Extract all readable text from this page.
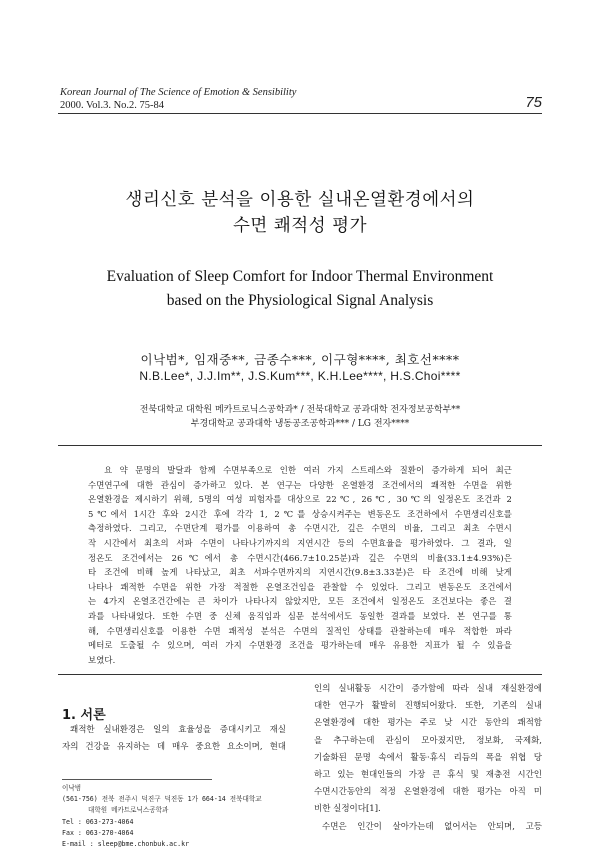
Korean Journal of The Science of Emotion & Sensibility
2000. Vol.3. No.2. 75-84	75
생리신호 분석을 이용한 실내온열환경에서의
수면 쾌적성 평가
Evaluation of Sleep Comfort for Indoor Thermal Environment
based on the Physiological Signal Analysis
이낙범*, 임재중**, 금종수***, 이구형****, 최호선****
N.B.Lee*, J.J.Im**, J.S.Kum***, K.H.Lee****, H.S.Choi****
전북대학교 대학원 메카트로닉스공학과* / 전북대학교 공과대학 전자정보공학부**
부경대학교 공과대학 냉동공조공학과*** / LG 전자****
요 약 문명의 발달과 함께 수면부족으로 인한 여러 가지 스트레스와 질환이 증가하게 되어 최근
수면연구에 대한 관심이 증가하고 있다. 본 연구는 다양한 온열환경 조건에서의 쾌적한 수면을 위한
온열환경을 제시하기 위해, 5명의 여성 피험자를 대상으로 22℃, 26℃, 30℃의 일정온도 조건과 2
5℃에서 1시간 후와 2시간 후에 각각 1, 2℃를 상승시켜주는 변동온도 조건하에서 수면생리신호를
측정하였다. 그리고, 수면단계 평가를 이용하여 총 수면시간, 깊은 수면의 비율, 그리고 최초 수면시
작 시간에서 최초의 서파 수면이 나타나기까지의 지연시간 등의 수면효율을 평가하였다. 그 결과, 일
정온도 조건에서는 26℃에서 총 수면시간(466.7±10.25분)과 깊은 수면의 비율(33.1±4.93%)은
타 조건에 비해 높게 나타났고, 최초 서파수면까지의 지연시간(9.8±3.33분)은 타 조건에 비해 낮게
나타나 쾌적한 수면을 위한 가장 적절한 온열조건임을 관찰할 수 있었다. 그리고 변동온도 조건에서
는 4가지 온열조건간에는 큰 차이가 나타나지 않았지만, 모든 조건에서 일정온도 조건보다는 좋은 결
과를 나타내었다. 또한 수면 중 신체 움직임과 심문 분석에서도 동일한 결과를 보였다. 본 연구를 통
해, 수면생리신호를 이용한 수면 쾌적성 분석은 수면의 질적인 상태를 관찰하는데 매우 적합한 파라
메터로 도출될 수 있으며, 여러 가지 수면환경 조건을 평가하는데 매우 유용한 지표가 될 수 있음을
보였다.
1. 서론
쾌적한 실내환경은 일의 효율성을 증대시키고 재실
자의 건강을 유지하는 데 매우 중요한 요소이며, 현대
인의 실내활동 시간이 증가함에 따라 실내 재실환경에
대한 연구가 활발히 진행되어왔다. 또한, 기존의 실내
온열환경에 대한 평가는 주로 낮 시간 동안의 쾌적함
을 추구하는데 관심이 모아졌지만, 정보화, 국제화,
기술화된 문명 속에서 활동·휴식 리듬의 폭을 위협 당
하고 있는 현대인들의 가장 큰 휴식 및 재충전 시간인
수면시간동안의 적정 온열환경에 대한 평가는 아직 미
비한 실정이다[1].
수면은 인간이 살아가는데 없어서는 안되며, 고등
이낙범
(561-756) 전북 전주시 덕진구 덕진동 1가 664-14 전북대학교
대학원 메카트로닉스공학과
Tel : 063-273-4064
Fax : 063-270-4064
E-mail : sleep@bme.chonbuk.ac.kr
